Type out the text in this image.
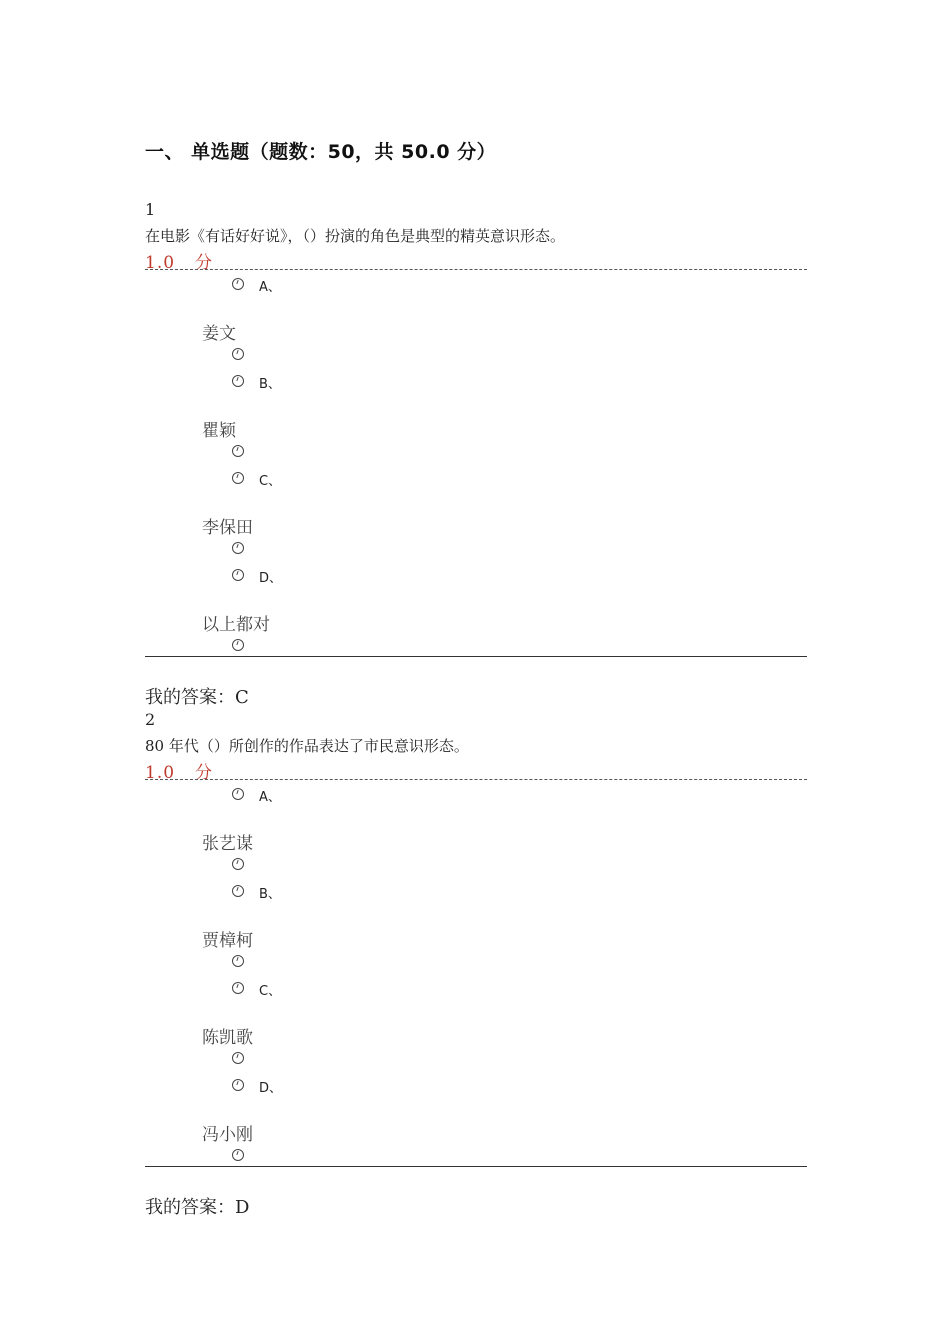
一、 单选题（题数：50，共 50.0 分）
1
在电影《有话好好说》，（）扮演的角色是典型的精英意识形态。
1.0 分
A、
姜文
B、
瞿颖
C、
李保田
D、
以上都对
我的答案：C
2
80 年代（）所创作的作品表达了市民意识形态。
1.0 分
A、
张艺谋
B、
贾樟柯
C、
陈凯歌
D、
冯小刚
我的答案：D
